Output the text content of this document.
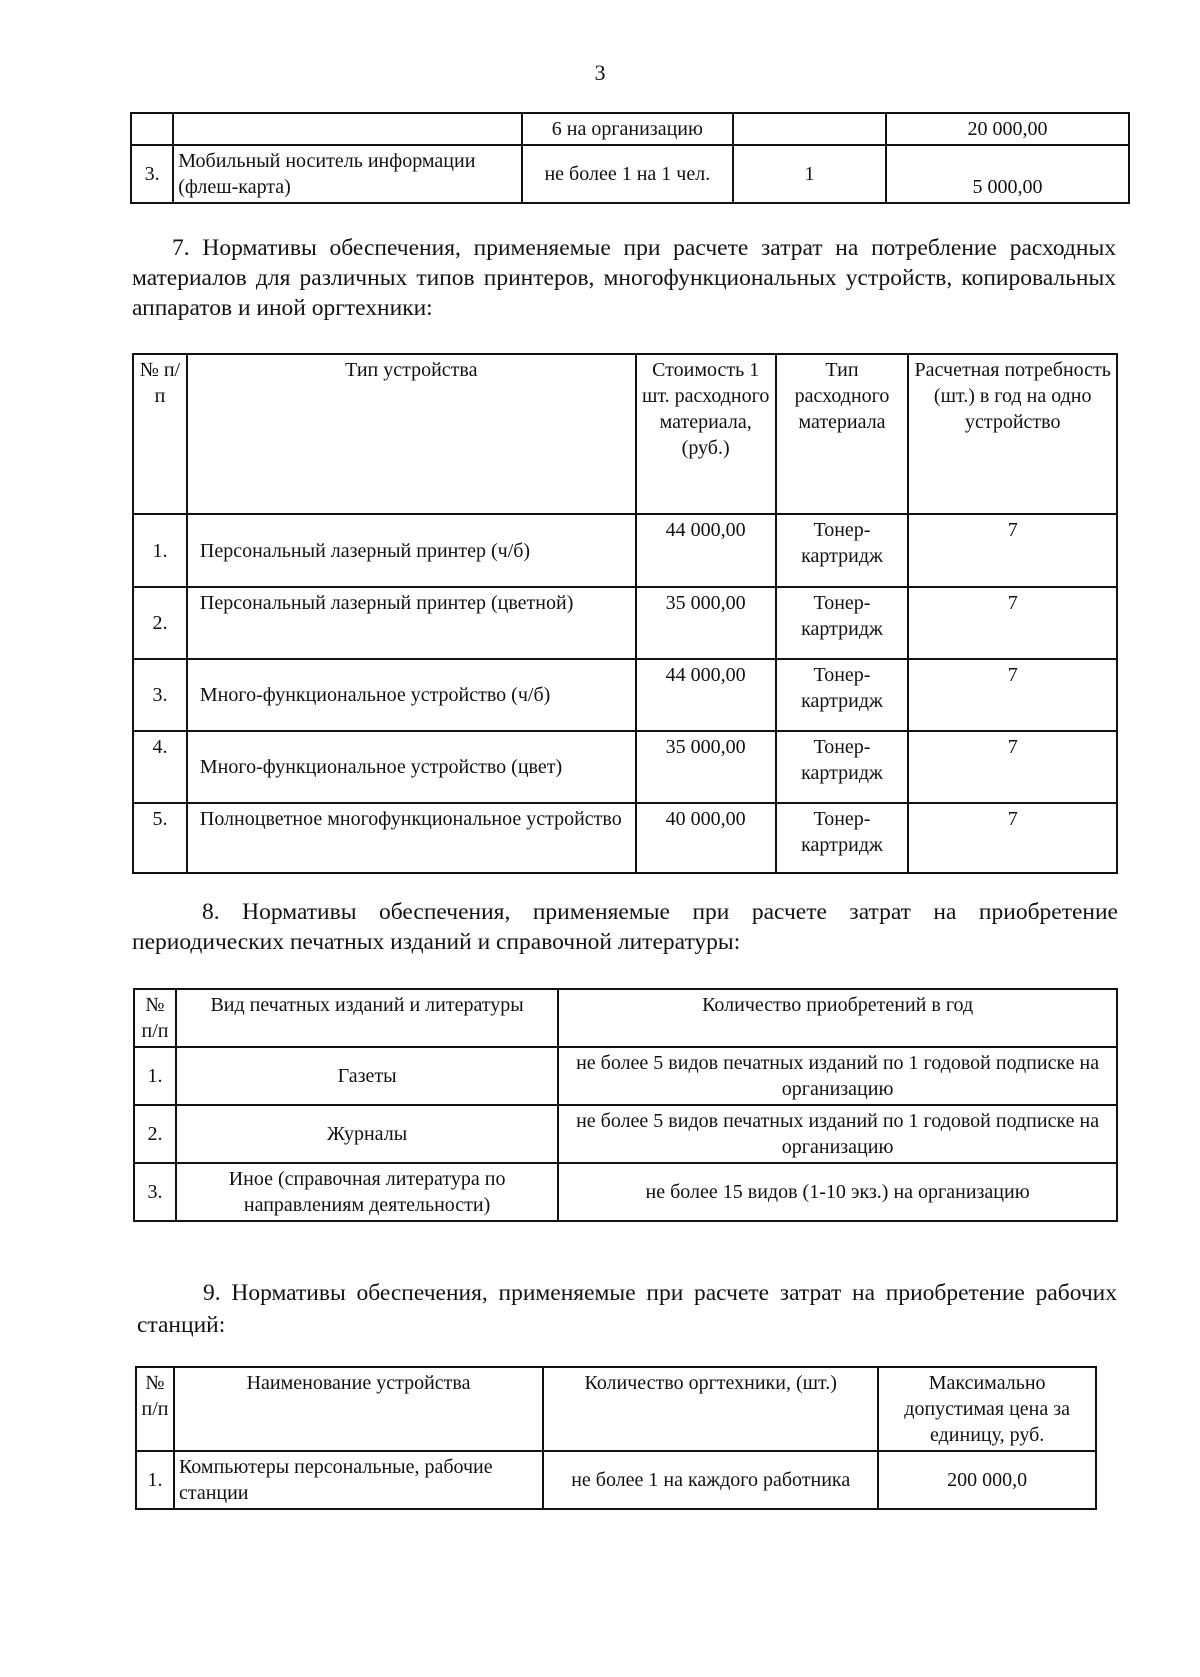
3
		6 на организацию		20 000,00
3.	Мобильный носитель информации (флеш-карта)	не более 1 на 1 чел.	1	5 000,00
7. Нормативы обеспечения, применяемые при расчете затрат на потребление расходных материалов для различных типов принтеров, многофункциональных устройств, копировальных аппаратов и иной оргтехники:
№ п/п	Тип устройства	Стоимость 1 шт. расходного материала, (руб.)	Тип расходного материала	Расчетная потребность (шт.) в год на одно устройство
1.	Персональный лазерный принтер (ч/б)	44 000,00	Тонер-картридж	7
2.	Персональный лазерный принтер (цветной)	35 000,00	Тонер-картридж	7
3.	Много-функциональное устройство (ч/б)	44 000,00	Тонер-картридж	7
4.	Много-функциональное устройство (цвет)	35 000,00	Тонер-картридж	7
5.	Полноцветное многофункциональное устройство	40 000,00	Тонер-картридж	7
8. Нормативы обеспечения, применяемые при расчете затрат на приобретение периодических печатных изданий и справочной литературы:
№ п/п	Вид печатных изданий и литературы	Количество приобретений в год
1.	Газеты	не более 5 видов печатных изданий по 1 годовой подписке на организацию
2.	Журналы	не более 5 видов печатных изданий по 1 годовой подписке на организацию
3.	Иное (справочная литература по направлениям деятельности)	не более 15 видов (1-10 экз.) на организацию
9. Нормативы обеспечения, применяемые при расчете затрат на приобретение рабочих станций:
№ п/п	Наименование устройства	Количество оргтехники, (шт.)	Максимально допустимая цена за единицу, руб.
1.	Компьютеры персональные, рабочие станции	не более 1 на каждого работника	200 000,0
